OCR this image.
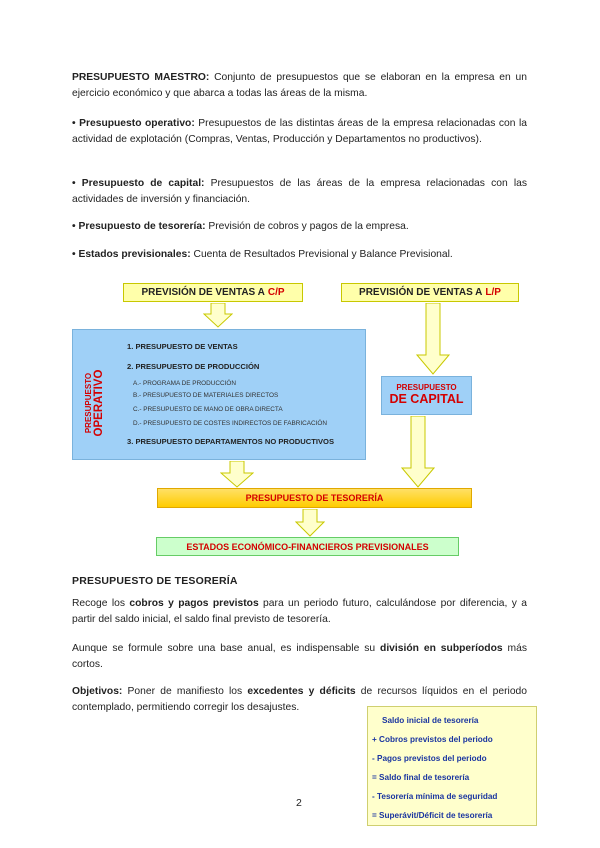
PRESUPUESTO MAESTRO: Conjunto de presupuestos que se elaboran en la empresa en un ejercicio económico y que abarca a todas las áreas de la misma.
• Presupuesto operativo: Presupuestos de las distintas áreas de la empresa relacionadas con la actividad de explotación (Compras, Ventas, Producción y Departamentos no productivos).
• Presupuesto de capital: Presupuestos de las áreas de la empresa relacionadas con las actividades de inversión y financiación.
• Presupuesto de tesorería: Previsión de cobros y pagos de la empresa.
• Estados previsionales: Cuenta de Resultados Previsional y Balance Previsional.
PREVISIÓN DE VENTAS A C/P	PREVISIÓN DE VENTAS A L/P
PRESUPUESTO OPERATIVO
1. PRESUPUESTO DE VENTAS
2. PRESUPUESTO DE PRODUCCIÓN
A.- PROGRAMA DE PRODUCCIÓN
B.- PRESUPUESTO DE MATERIALES DIRECTOS
C.- PRESUPUESTO DE MANO DE OBRA DIRECTA
D.- PRESUPUESTO DE COSTES INDIRECTOS DE FABRICACIÓN
3. PRESUPUESTO DEPARTAMENTOS NO PRODUCTIVOS
PRESUPUESTO
DE CAPITAL
PRESUPUESTO DE TESORERÍA
ESTADOS ECONÓMICO-FINANCIEROS PREVISIONALES
PRESUPUESTO DE TESORERÍA
Recoge los cobros y pagos previstos para un periodo futuro, calculándose por diferencia, y a partir del saldo inicial, el saldo final previsto de tesorería.
Aunque se formule sobre una base anual, es indispensable su división en subperíodos más cortos.
Objetivos: Poner de manifiesto los excedentes y déficits de recursos líquidos en el periodo contemplado, permitiendo corregir los desajustes.
Saldo inicial de tesorería
+ Cobros previstos del periodo
- Pagos previstos del periodo
= Saldo final de tesorería
- Tesorería mínima de seguridad
= Superávit/Déficit de tesorería
2
